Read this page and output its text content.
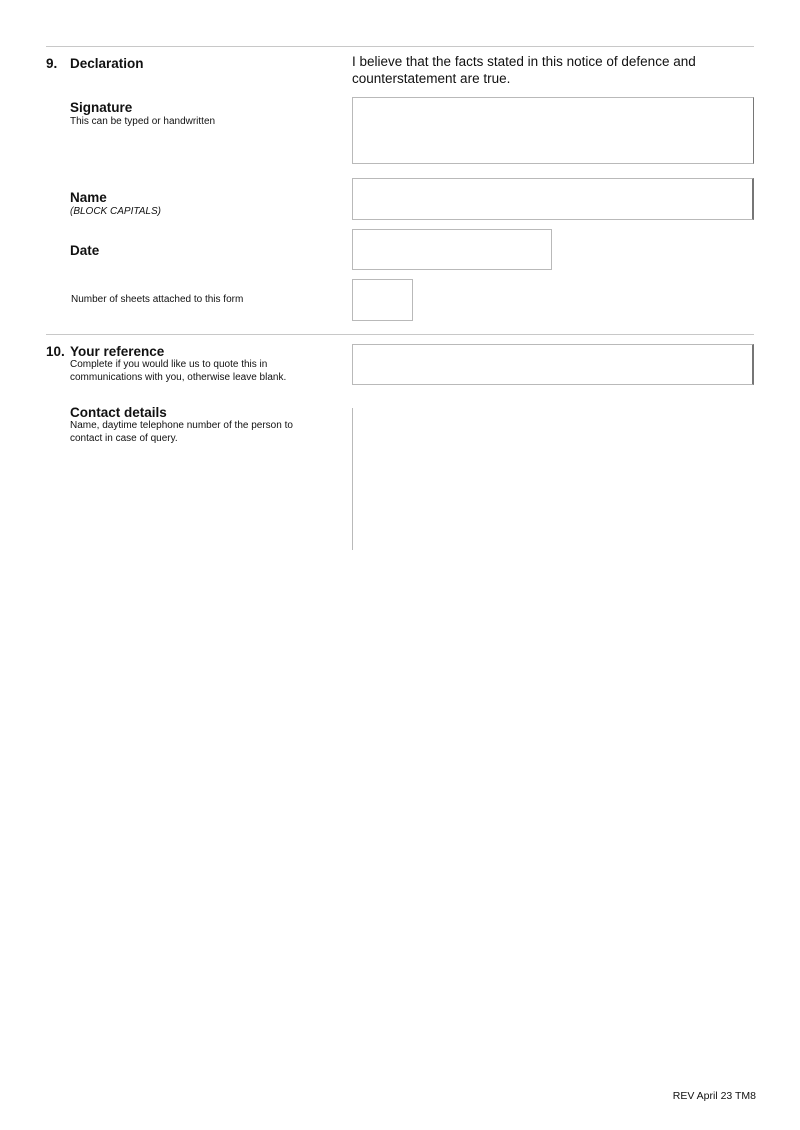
9. Declaration	I believe that the facts stated in this notice of defence and counterstatement are true.
Signature
This can be typed or handwritten
Name
(BLOCK CAPITALS)
Date
Number of sheets attached to this form
10. Your reference
Complete if you would like us to quote this in communications with you, otherwise leave blank.
Contact details
Name, daytime telephone number of the person to contact in case of query.
REV April 23 TM8
